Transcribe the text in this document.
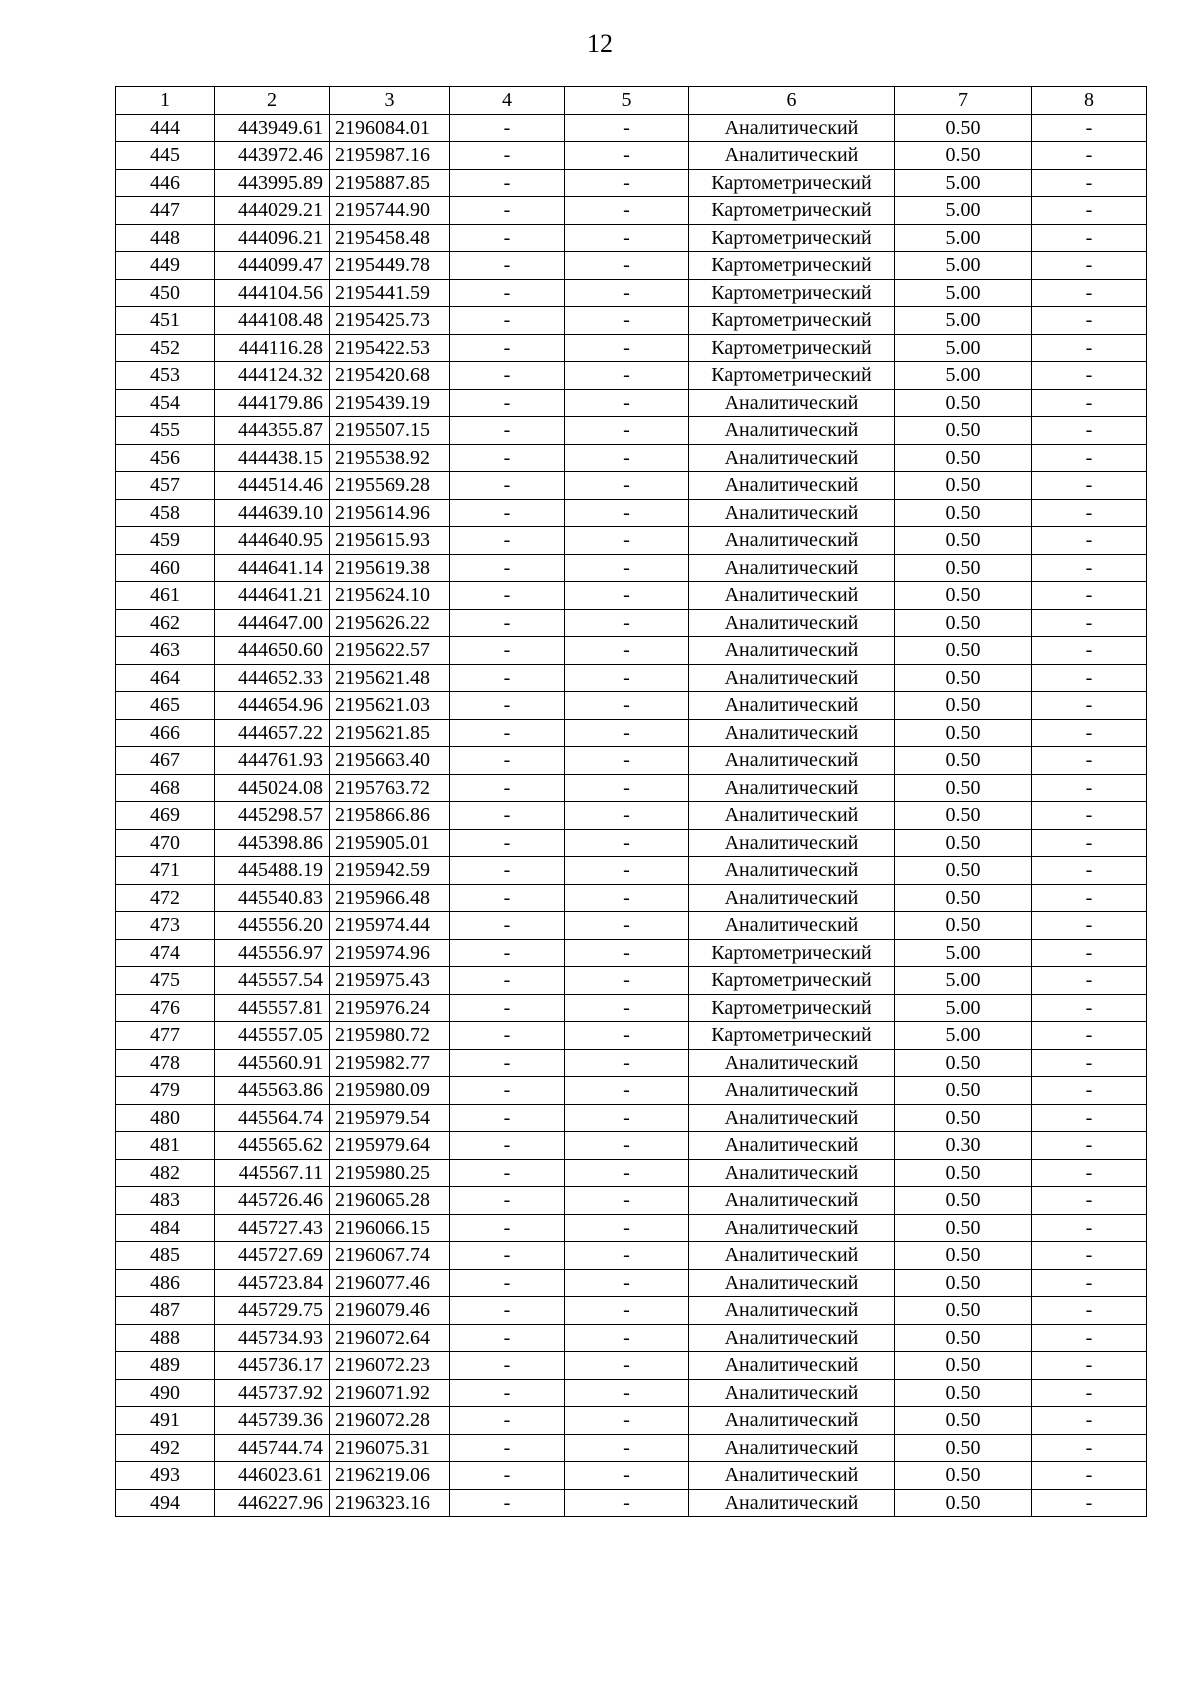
12
1	2	3	4	5	6	7	8
444	443949.61	2196084.01	-	-	Аналитический	0.50	-
445	443972.46	2195987.16	-	-	Аналитический	0.50	-
446	443995.89	2195887.85	-	-	Картометрический	5.00	-
447	444029.21	2195744.90	-	-	Картометрический	5.00	-
448	444096.21	2195458.48	-	-	Картометрический	5.00	-
449	444099.47	2195449.78	-	-	Картометрический	5.00	-
450	444104.56	2195441.59	-	-	Картометрический	5.00	-
451	444108.48	2195425.73	-	-	Картометрический	5.00	-
452	444116.28	2195422.53	-	-	Картометрический	5.00	-
453	444124.32	2195420.68	-	-	Картометрический	5.00	-
454	444179.86	2195439.19	-	-	Аналитический	0.50	-
455	444355.87	2195507.15	-	-	Аналитический	0.50	-
456	444438.15	2195538.92	-	-	Аналитический	0.50	-
457	444514.46	2195569.28	-	-	Аналитический	0.50	-
458	444639.10	2195614.96	-	-	Аналитический	0.50	-
459	444640.95	2195615.93	-	-	Аналитический	0.50	-
460	444641.14	2195619.38	-	-	Аналитический	0.50	-
461	444641.21	2195624.10	-	-	Аналитический	0.50	-
462	444647.00	2195626.22	-	-	Аналитический	0.50	-
463	444650.60	2195622.57	-	-	Аналитический	0.50	-
464	444652.33	2195621.48	-	-	Аналитический	0.50	-
465	444654.96	2195621.03	-	-	Аналитический	0.50	-
466	444657.22	2195621.85	-	-	Аналитический	0.50	-
467	444761.93	2195663.40	-	-	Аналитический	0.50	-
468	445024.08	2195763.72	-	-	Аналитический	0.50	-
469	445298.57	2195866.86	-	-	Аналитический	0.50	-
470	445398.86	2195905.01	-	-	Аналитический	0.50	-
471	445488.19	2195942.59	-	-	Аналитический	0.50	-
472	445540.83	2195966.48	-	-	Аналитический	0.50	-
473	445556.20	2195974.44	-	-	Аналитический	0.50	-
474	445556.97	2195974.96	-	-	Картометрический	5.00	-
475	445557.54	2195975.43	-	-	Картометрический	5.00	-
476	445557.81	2195976.24	-	-	Картометрический	5.00	-
477	445557.05	2195980.72	-	-	Картометрический	5.00	-
478	445560.91	2195982.77	-	-	Аналитический	0.50	-
479	445563.86	2195980.09	-	-	Аналитический	0.50	-
480	445564.74	2195979.54	-	-	Аналитический	0.50	-
481	445565.62	2195979.64	-	-	Аналитический	0.30	-
482	445567.11	2195980.25	-	-	Аналитический	0.50	-
483	445726.46	2196065.28	-	-	Аналитический	0.50	-
484	445727.43	2196066.15	-	-	Аналитический	0.50	-
485	445727.69	2196067.74	-	-	Аналитический	0.50	-
486	445723.84	2196077.46	-	-	Аналитический	0.50	-
487	445729.75	2196079.46	-	-	Аналитический	0.50	-
488	445734.93	2196072.64	-	-	Аналитический	0.50	-
489	445736.17	2196072.23	-	-	Аналитический	0.50	-
490	445737.92	2196071.92	-	-	Аналитический	0.50	-
491	445739.36	2196072.28	-	-	Аналитический	0.50	-
492	445744.74	2196075.31	-	-	Аналитический	0.50	-
493	446023.61	2196219.06	-	-	Аналитический	0.50	-
494	446227.96	2196323.16	-	-	Аналитический	0.50	-
